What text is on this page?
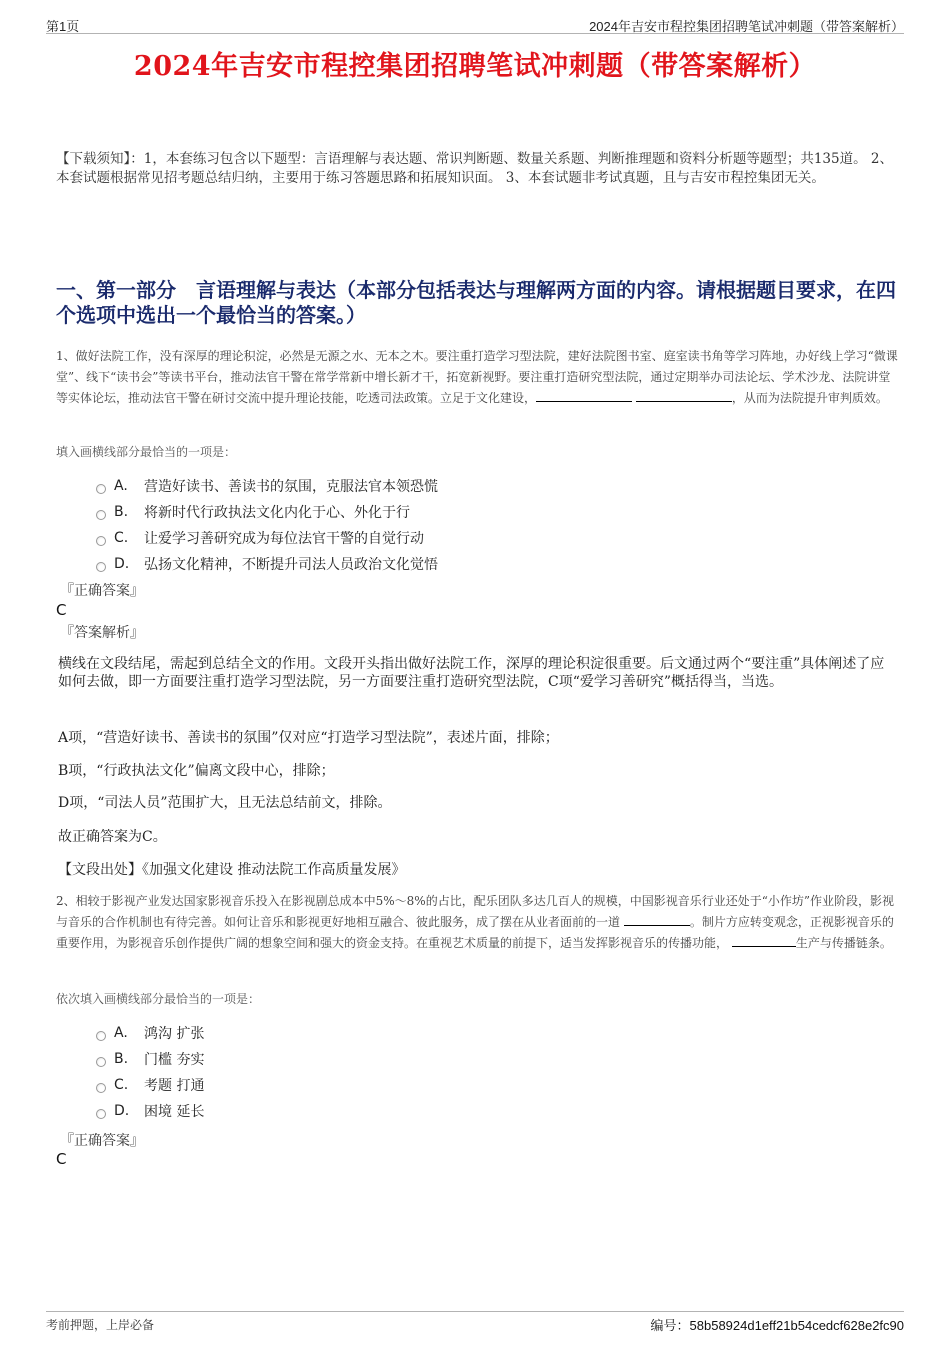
第1页	2024年吉安市程控集团招聘笔试冲刺题（带答案解析）
2024年吉安市程控集团招聘笔试冲刺题（带答案解析）

【下载须知】：1，本套练习包含以下题型：言语理解与表达题、常识判断题、数量关系题、判断推理题和资料分析题等题型；共135道。 2、本套试题根据常见招考题总结归纳，主要用于练习答题思路和拓展知识面。 3、本套试题非考试真题，且与吉安市程控集团无关。

一、第一部分　言语理解与表达（本部分包括表达与理解两方面的内容。请根据题目要求，在四个选项中选出一个最恰当的答案。）
1、做好法院工作，没有深厚的理论积淀，必然是无源之水、无本之木。要注重打造学习型法院，建好法院图书室、庭室读书角等学习阵地，办好线上学习“微课堂”、线下“读书会”等读书平台，推动法官干警在常学常新中增长新才干，拓宽新视野。要注重打造研究型法院，通过定期举办司法论坛、学术沙龙、法院讲堂等实体论坛，推动法官干警在研讨交流中提升理论技能，吃透司法政策。立足于文化建设，	，从而为法院提升审判质效。
填入画横线部分最恰当的一项是：
A.	营造好读书、善读书的氛围，克服法官本领恐慌
B.	将新时代行政执法文化内化于心、外化于行
C.	让爱学习善研究成为每位法官干警的自觉行动
D.	弘扬文化精神，不断提升司法人员政治文化觉悟
『正确答案』
C
『答案解析』
横线在文段结尾，需起到总结全文的作用。文段开头指出做好法院工作，深厚的理论积淀很重要。后文通过两个“要注重”具体阐述了应如何去做，即一方面要注重打造学习型法院，另一方面要注重打造研究型法院，C项“爱学习善研究”概括得当，当选。
A项，“营造好读书、善读书的氛围”仅对应“打造学习型法院”，表述片面，排除；
B项，“行政执法文化”偏离文段中心，排除；
D项，“司法人员”范围扩大，且无法总结前文，排除。
故正确答案为C。
【文段出处】《加强文化建设 推动法院工作高质量发展》
2、相较于影视产业发达国家影视音乐投入在影视剧总成本中5%～8%的占比，配乐团队多达几百人的规模，中国影视音乐行业还处于“小作坊”作业阶段，影视与音乐的合作机制也有待完善。如何让音乐和影视更好地相互融合、彼此服务，成了摆在从业者面前的一道	。制片方应转变观念，正视影视音乐的重要作用，为影视音乐创作提供广阔的想象空间和强大的资金支持。在重视艺术质量的前提下，适当发挥影视音乐的传播功能，	生产与传播链条。
依次填入画横线部分最恰当的一项是：
A.	鸿沟 扩张
B.	门槛 夯实
C.	考题 打通
D.	困境 延长
『正确答案』
C
考前押题，上岸必备	编号：58b58924d1eff21b54cedcf628e2fc90
